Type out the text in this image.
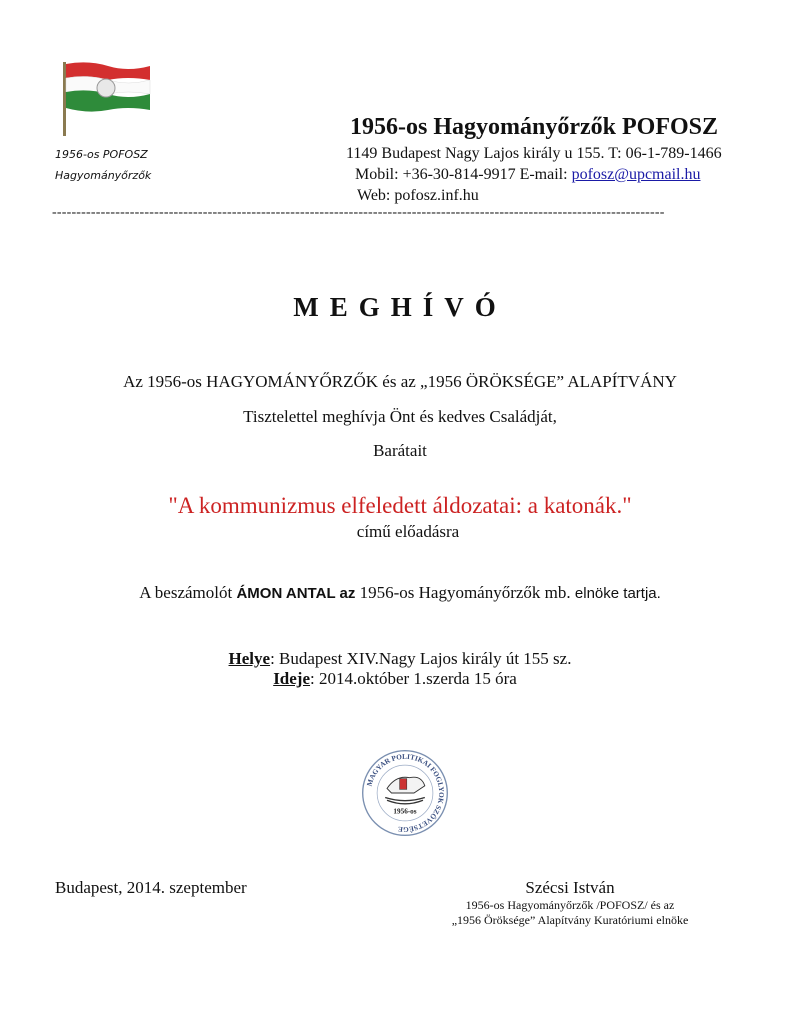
1956-os POFOSZ
Hagyományőrzők
1956-os Hagyományőrzők POFOSZ
1149 Budapest Nagy Lajos király u 155. T: 06-1-789-1466
Mobil: +36-30-814-9917 E-mail: pofosz@upcmail.hu
Web: pofosz.inf.hu
------------------------------------------------------------------------------------------------------------------------------
MEGHÍVÓ
Az 1956-os HAGYOMÁNYŐRZŐK és az „1956 ÖRÖKSÉGE” ALAPÍTVÁNY
Tisztelettel meghívja Önt és kedves Családját,
Barátait
"A kommunizmus elfeledett áldozatai: a katonák."
című előadásra
A beszámolót ÁMON ANTAL az 1956-os Hagyományőrzők mb. elnöke tartja.
Helye: Budapest XIV.Nagy Lajos király út 155 sz.
Ideje: 2014.október 1.szerda 15 óra
MAGYAR POLITIKAI FOGLYOK SZÖVETSÉGE
1956-os
Budapest, 2014. szeptember	Szécsi István
1956-os Hagyományőrzők /POFOSZ/ és az
„1956 Öröksége” Alapítvány Kuratóriumi elnöke
